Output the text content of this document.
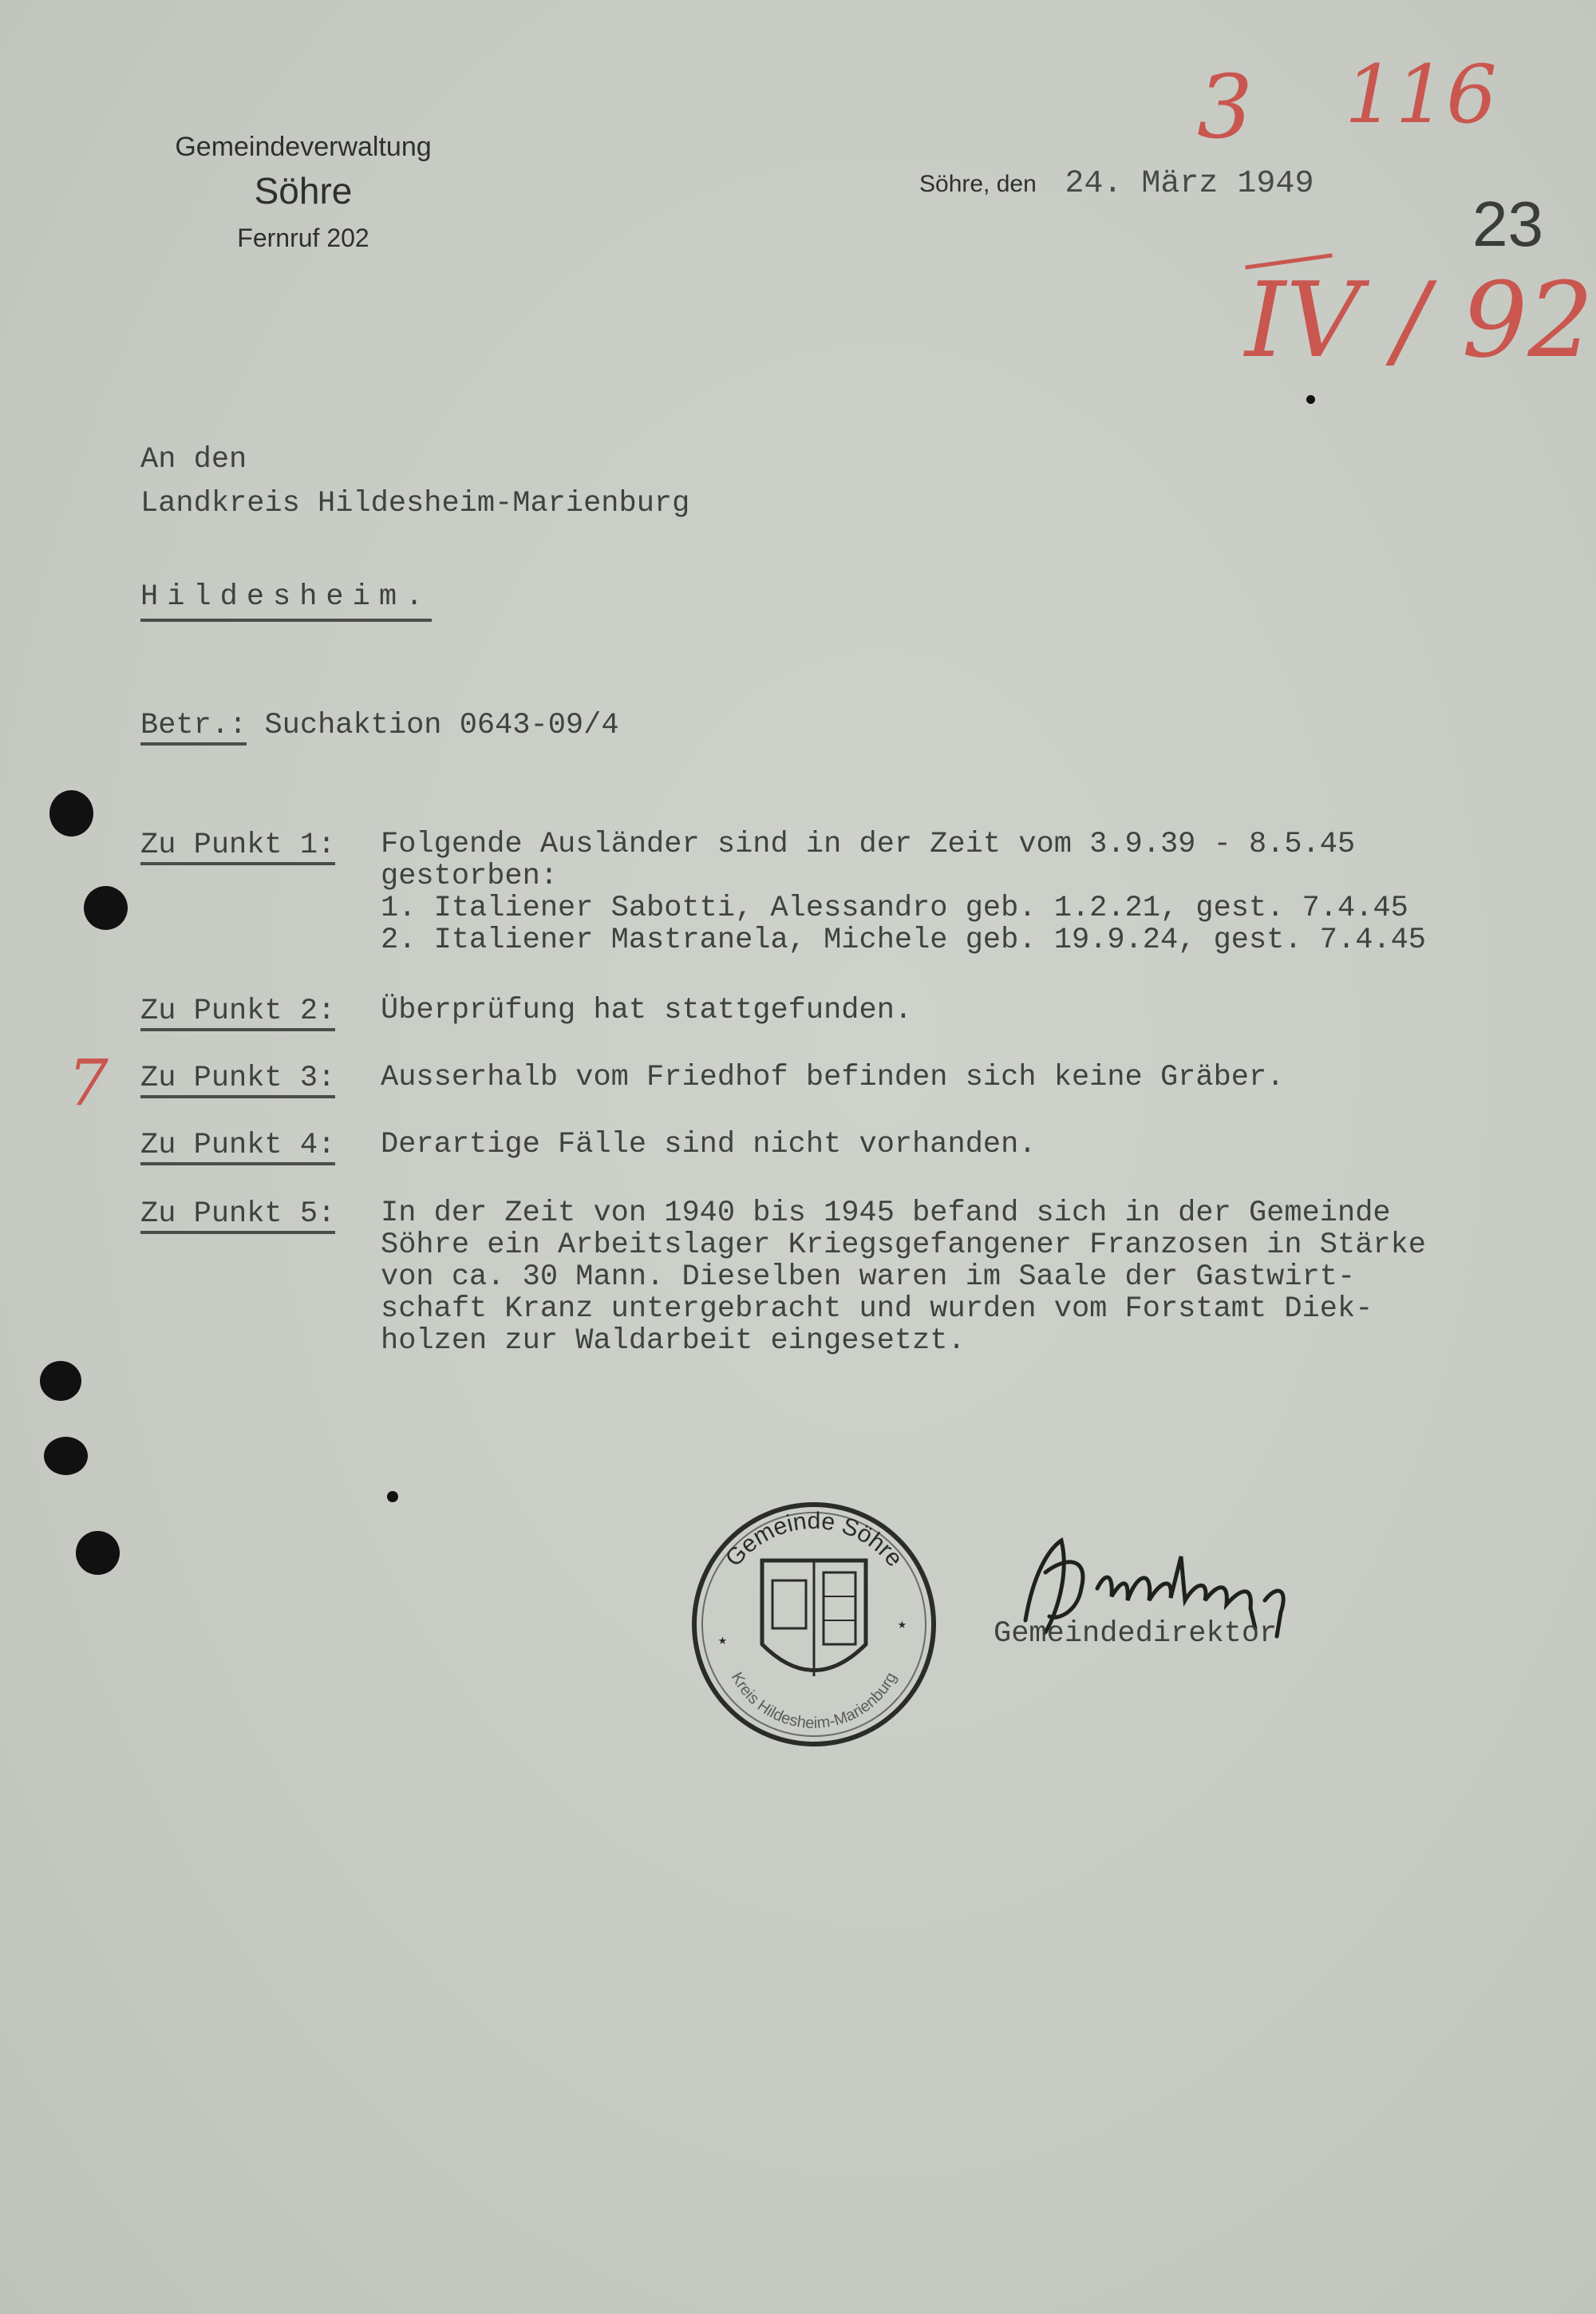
Gemeindeverwaltung
Söhre
Fernruf 202
Söhre, den 24. März 1949
3 116
23
IV / 92
7
An den
Landkreis Hildesheim-Marienburg
Hildesheim.
Betr.: Suchaktion 0643-09/4
Zu Punkt 1: Folgende Ausländer sind in der Zeit vom 3.9.39 - 8.5.45
gestorben:
1. Italiener Sabotti, Alessandro geb. 1.2.21, gest. 7.4.45
2. Italiener Mastranela, Michele geb. 19.9.24, gest. 7.4.45
Zu Punkt 2: Überprüfung hat stattgefunden.
Zu Punkt 3: Ausserhalb vom Friedhof befinden sich keine Gräber.
Zu Punkt 4: Derartige Fälle sind nicht vorhanden.
Zu Punkt 5: In der Zeit von 1940 bis 1945 befand sich in der Gemeinde
Söhre ein Arbeitslager Kriegsgefangener Franzosen in Stärke
von ca. 30 Mann. Dieselben waren im Saale der Gastwirt-
schaft Kranz untergebracht und wurden vom Forstamt Diek-
holzen zur Waldarbeit eingesetzt.
Gemeinde Söhre
Kreis Hildesheim-Marienburg
★
★	Gemeindedirektor
